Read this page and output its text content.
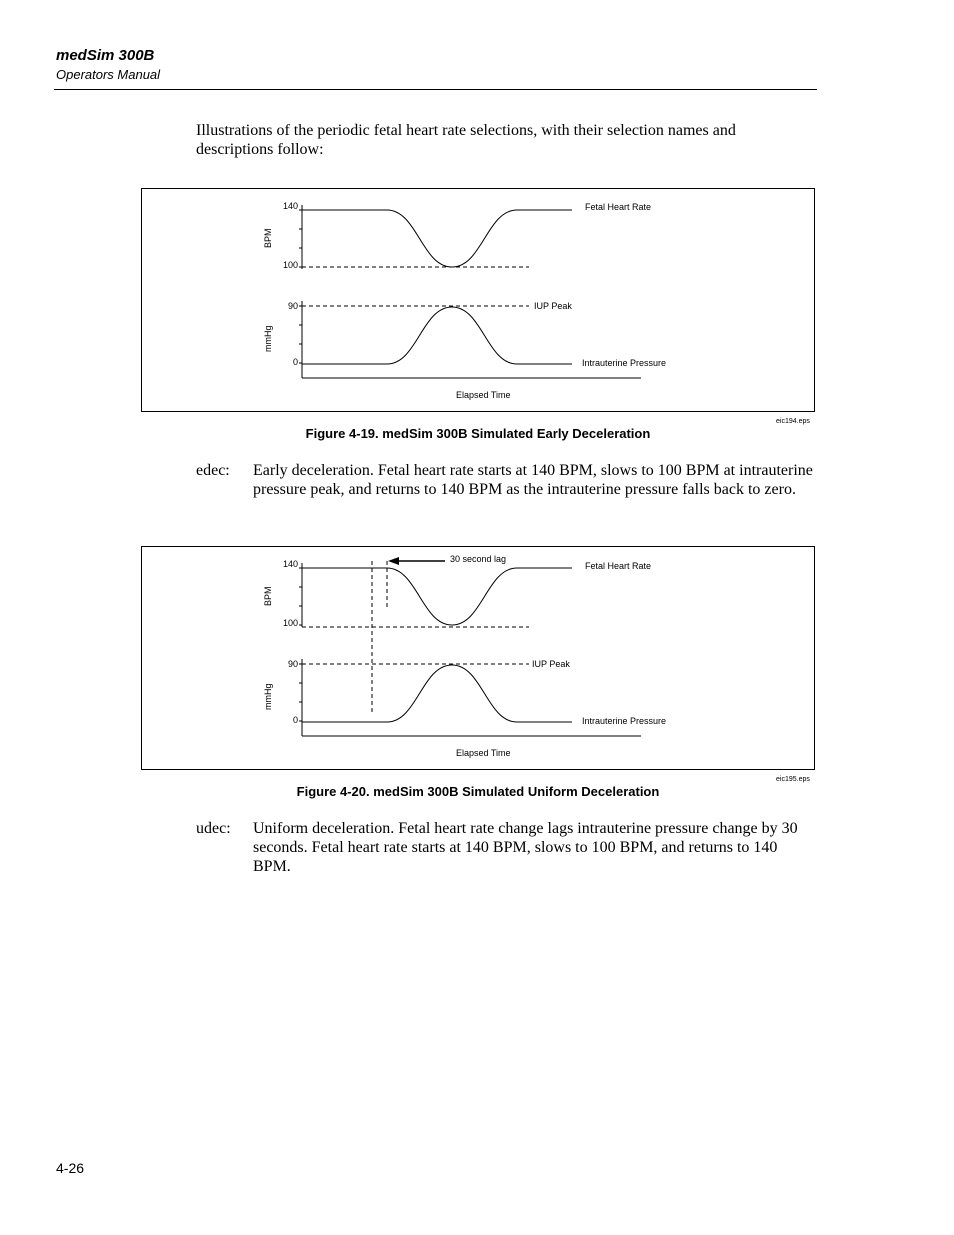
medSim 300B
Operators Manual
Illustrations of the periodic fetal heart rate selections, with their selection names and descriptions follow:
140
100
90
0
BPM
mmHg
Fetal Heart Rate
IUP Peak
Intrauterine Pressure
Elapsed Time
eic194.eps
Figure 4-19. medSim 300B Simulated Early Deceleration
edec: Early deceleration. Fetal heart rate starts at 140 BPM, slows to 100 BPM at intrauterine pressure peak, and returns to 140 BPM as the intrauterine pressure falls back to zero.
140
100
90
0
BPM
mmHg
30 second lag
Fetal Heart Rate
IUP Peak
Intrauterine Pressure
Elapsed Time
eic195.eps
Figure 4-20. medSim 300B Simulated Uniform Deceleration
udec: Uniform deceleration. Fetal heart rate change lags intrauterine pressure change by 30 seconds. Fetal heart rate starts at 140 BPM, slows to 100 BPM, and returns to 140 BPM.
4-26
